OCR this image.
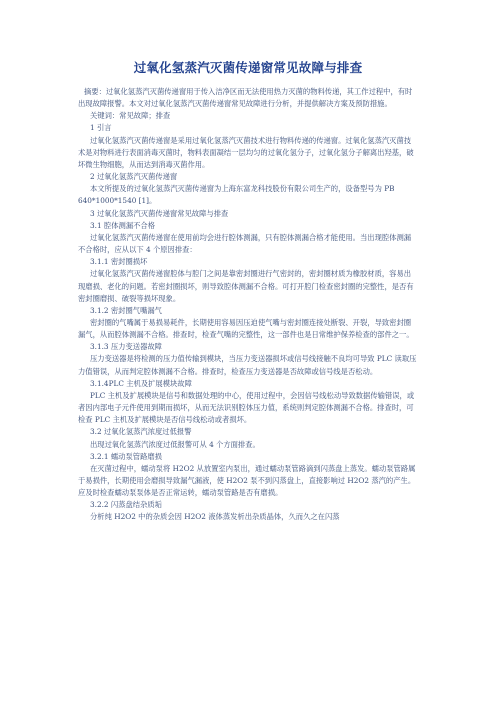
过氧化氢蒸汽灭菌传递窗常见故障与排查

摘要：过氧化氢蒸汽灭菌传递窗用于传入洁净区而无法使用热力灭菌的物料传递，其工作过程中，有时出现故障报警。本文对过氧化氢蒸汽灭菌传递窗常见故障进行分析，并提供解决方案及预防措施。

关键词：常见故障；排查

1 引言

过氧化氢蒸汽灭菌传递窗是采用过氧化氢蒸汽灭菌技术进行物料传递的传递窗。过氧化氢蒸汽灭菌技术是对物料进行表面消毒灭菌时，物料表面凝结一层均匀的过氧化氢分子，过氧化氢分子解离出羟基，破坏微生物细胞，从而达到消毒灭菌作用。

2 过氧化氢蒸汽灭菌传递窗

本文所提及的过氧化氢蒸汽灭菌传递窗为上海东富龙科技股份有限公司生产的，设备型号为 PB 640*1000*1540 [1]。

3 过氧化氢蒸汽灭菌传递窗常见故障与排查

3.1 腔体测漏不合格

过氧化氢蒸汽灭菌传递窗在使用前均会进行腔体测漏，只有腔体测漏合格才能使用。当出现腔体测漏不合格时，应从以下 4 个原因排查：

3.1.1 密封圈损坏

过氧化氢蒸汽灭菌传递窗腔体与腔门之间是靠密封圈进行气密封的，密封圈材质为橡胶材质，容易出现磨损、老化的问题。若密封圈损坏，则导致腔体测漏不合格。可打开腔门检查密封圈的完整性，是否有密封圈磨损、破裂等损坏现象。

3.1.2 密封圈气嘴漏气

密封圈的气嘴属于易损易耗件，长期使用容易因压迫使气嘴与密封圈连接处断裂、开裂，导致密封圈漏气，从而腔体测漏不合格。排查时，检查气嘴的完整性，这一部件也是日常维护保养检查的部件之一。

3.1.3 压力变送器故障

压力变送器是将检测的压力值传输到模块，当压力变送器损坏或信号线接触不良均可导致 PLC 读取压力值错误，从而判定腔体测漏不合格。排查时，检查压力变送器是否故障或信号线是否松动。

3.1.4PLC 主机及扩展模块故障

PLC 主机及扩展模块是信号和数据处理的中心，使用过程中，会因信号线松动导致数据传输错误，或者因内部电子元件使用到期而损坏，从而无法识别腔体压力值，系统则判定腔体测漏不合格。排查时，可检查 PLC 主机及扩展模块是否信号线松动或者损坏。

3.2 过氧化氢蒸汽浓度过低报警

出现过氧化氢蒸汽浓度过低报警可从 4 个方面排查。

3.2.1 蠕动泵管路磨损

在灭菌过程中，蠕动泵将 H2O2 从放置室内泵出，通过蠕动泵管路滴到闪蒸盘上蒸发。蠕动泵管路属于易损件，长期使用会磨损导致漏气漏液，使 H2O2 泵不到闪蒸盘上，直接影响过 H2O2 蒸汽的产生。应及时检查蠕动泵泵体是否正常运转，蠕动泵管路是否有磨损。

3.2.2 闪蒸盘结杂质垢

分析纯 H2O2 中的杂质会因 H2O2 液体蒸发析出杂质晶体，久而久之在闪蒸
